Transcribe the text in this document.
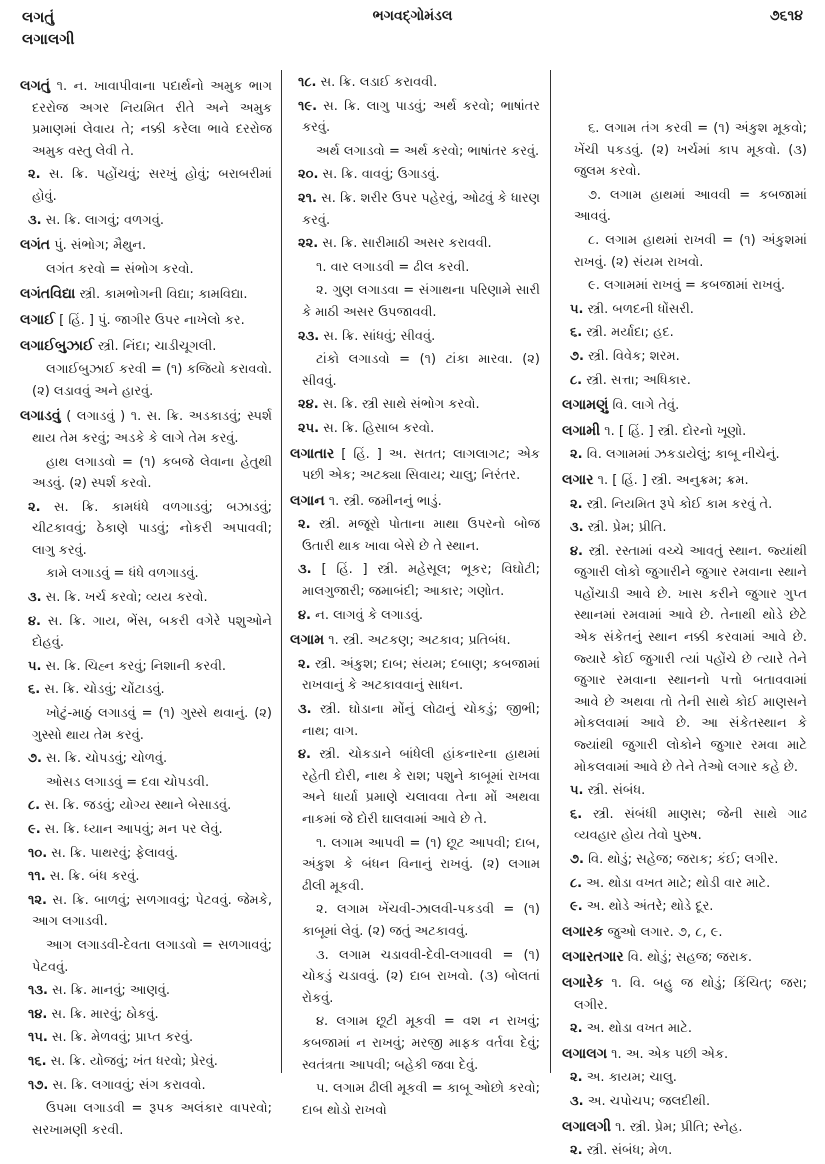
લગતું
લગાલગી
ભગવદ્ગોમંડલ	૭૬૧૪
લગતું ૧. ન. ખાવાપીવાના પદાર્થનો અમુક ભાગ દરરોજ અગર નિયમિત રીતે અને અમુક પ્રમાણમાં લેવાય તે; નક્કી કરેલા ભાવે દરરોજ અમુક વસ્તુ લેવી તે.
૨. સ. ક્રિ. પહોંચવું; સરખું હોવું; બરાબરીમાં હોવું.
૩. સ. ક્રિ. લાગવું; વળગવું.
લગંત પું. સંભોગ; મૈથુન.
લગંત કરવો = સંભોગ કરવો.
લગંતવિદ્યા સ્ત્રી. કામભોગની વિદ્યા; કામવિદ્યા.
લગાઈ [ હિં. ] પું. જાગીર ઉપર નાખેલો કર.
લગાઈબુઝાઈ સ્ત્રી. નિંદા; ચાડીચૂગલી.
લગાઈબુઝાઈ કરવી = (૧) કજિયો કરાવવો. (૨) લડાવવું અને હારવું.
લગાડવું ( લગાડવું ) ૧. સ. ક્રિ. અડકાડવું; સ્પર્શ થાય તેમ કરવું; અડકે કે લાગે તેમ કરવું.
હાથ લગાડવો = (૧) કબજે લેવાના હેતુથી અડવું. (૨) સ્પર્શ કરવો.
૨. સ. ક્રિ. કામધંધે વળગાડવું; બઝાડવું; ચીટકાવવું; ઠેકાણે પાડવું; નોકરી અપાવવી; લાગુ કરવું.
કામે લગાડવું = ધંધે વળગાડવું.
૩. સ. ક્રિ. ખર્ચ કરવો; વ્યય કરવો.
૪. સ. ક્રિ. ગાય, ભેંસ, બકરી વગેરે પશુઓને દોહવું.
૫. સ. ક્રિ. ચિહ્ન કરવું; નિશાની કરવી.
૬. સ. ક્રિ. ચોડવું; ચોંટાડવું.
ખોટું-માઠું લગાડવું = (૧) ગુસ્સે થવાનું. (૨) ગુસ્સો થાય તેમ કરવું.
૭. સ. ક્રિ. ચોપડવું; ચોળવું.
ઓસડ લગાડવું = દવા ચોપડવી.
૮. સ. ક્રિ. જડવું; યોગ્ય સ્થાને બેસાડવું.
૯. સ. ક્રિ. ધ્યાન આપવું; મન પર લેવું.
૧૦. સ. ક્રિ. પાથરવું; ફેલાવવું.
૧૧. સ. ક્રિ. બંધ કરવું.
૧૨. સ. ક્રિ. બાળવું; સળગાવવું; પેટવવું. જેમકે, આગ લગાડવી.
આગ લગાડવી-દેવતા લગાડવો = સળગાવવું; પેટવવું.
૧૩. સ. ક્રિ. માનવું; આણવું.
૧૪. સ. ક્રિ. મારવું; ઠોકવું.
૧૫. સ. ક્રિ. મેળવવું; પ્રાપ્ત કરવું.
૧૬. સ. ક્રિ. યોજવું; ખંત ધરવો; પ્રેરવું.
૧૭. સ. ક્રિ. લગાવવું; સંગ કરાવવો.
ઉપમા લગાડવી = રૂપક અલંકાર વાપરવો; સરખામણી કરવી.
૧૮. સ. ક્રિ. લડાઈ કરાવવી.
૧૯. સ. ક્રિ. લાગુ પાડવું; અર્થ કરવો; ભાષાંતર કરવું.
અર્થ લગાડવો = અર્થ કરવો; ભાષાંતર કરવું.
૨૦. સ. ક્રિ. વાવવું; ઉગાડવું.
૨૧. સ. ક્રિ. શરીર ઉપર પહેરવું, ઓઢવું કે ધારણ કરવું.
૨૨. સ. ક્રિ. સારીમાઠી અસર કરાવવી.
૧. વાર લગાડવી = ઢીલ કરવી.
૨. ગુણ લગાડવા = સંગાથના પરિણામે સારી કે માઠી અસર ઉપજાવવી.
૨૩. સ. ક્રિ. સાંધવું; સીવવું.
ટાંકો લગાડવો = (૧) ટાંકા મારવા. (૨) સીવવું.
૨૪. સ. ક્રિ. સ્ત્રી સાથે સંભોગ કરવો.
૨૫. સ. ક્રિ. હિસાબ કરવો.
લગાતાર [ હિં. ] અ. સતત; લાગલાગટ; એક પછી એક; અટક્યા સિવાય; ચાલુ; નિરંતર.
લગાન ૧. સ્ત્રી. જમીનનું ભાડું.
૨. સ્ત્રી. મજૂરો પોતાના માથા ઉપરનો બોજ ઉતારી થાક ખાવા બેસે છે તે સ્થાન.
૩. [ હિં. ] સ્ત્રી. મહેસૂલ; ભૂકર; વિઘોટી; માલગુજારી; જમાબંદી; આકાર; ગણોત.
૪. ન. લાગવું કે લગાડવું.
લગામ ૧. સ્ત્રી. અટકણ; અટકાવ; પ્રતિબંધ.
૨. સ્ત્રી. અંકુશ; દાબ; સંયમ; દબાણ; કબજામાં રાખવાનું કે અટકાવવાનું સાધન.
૩. સ્ત્રી. ઘોડાના મોંનું લોઢાનું ચોકડું; જીભી; નાથ; વાગ.
૪. સ્ત્રી. ચોકડાને બાંધેલી હાંકનારના હાથમાં રહેતી દોરી, નાથ કે રાશ; પશુને કાબૂમાં રાખવા અને ધાર્યા પ્રમાણે ચલાવવા તેના મોં અથવા નાકમાં જે દોરી ઘાલવામાં આવે છે તે.
૧. લગામ આપવી = (૧) છૂટ આપવી; દાબ, અંકુશ કે બંધન વિનાનું રાખવું. (૨) લગામ ઢીલી મૂકવી.
૨. લગામ ખેંચવી-ઝાલવી-પકડવી = (૧) કાબૂમાં લેવું. (૨) જતું અટકાવવું.
૩. લગામ ચડાવવી-દેવી-લગાવવી = (૧) ચોકડું ચડાવવું. (૨) દાબ રાખવો. (૩) બોલતાં રોકવું.
૪. લગામ છૂટી મૂકવી = વશ ન રાખવું; કબજામાં ન રાખવું; મરજી માફક વર્તવા દેવું; સ્વતંત્રતા આપવી; બહેકી જવા દેવું.
૫. લગામ ઢીલી મૂકવી = કાબૂ ઓછો કરવો; દાબ થોડો રાખવો
૬. લગામ તંગ કરવી = (૧) અંકુશ મૂકવો; ખેંચી પકડવું. (૨) ખર્ચમાં કાપ મૂકવો. (૩) જુલમ કરવો.
૭. લગામ હાથમાં આવવી = કબજામાં આવવું.
૮. લગામ હાથમાં રાખવી = (૧) અંકુશમાં રાખવું. (૨) સંયમ રાખવો.
૯. લગામમાં રાખવું = કબજામાં રાખવું.
૫. સ્ત્રી. બળદની ધોંસરી.
૬. સ્ત્રી. મર્યાદા; હદ.
૭. સ્ત્રી. વિવેક; શરમ.
૮. સ્ત્રી. સત્તા; અધિકાર.
લગામણું વિ. લાગે તેવું.
લગામી ૧. [ હિં. ] સ્ત્રી. દોરનો ખૂણો.
૨. વિ. લગામમાં ઝકડાયેલું; કાબૂ નીચેનું.
લગાર ૧. [ હિં. ] સ્ત્રી. અનુક્રમ; ક્રમ.
૨. સ્ત્રી. નિયમિત રૂપે કોઈ કામ કરવું તે.
૩. સ્ત્રી. પ્રેમ; પ્રીતિ.
૪. સ્ત્રી. રસ્તામાં વચ્ચે આવતું સ્થાન. જ્યાંથી જુગારી લોકો જુગારીને જુગાર રમવાના સ્થાને પહોંચાડી આવે છે. ખાસ કરીને જુગાર ગુપ્ત સ્થાનમાં રમવામાં આવે છે. તેનાથી થોડે છેટે એક સંકેતનું સ્થાન નક્કી કરવામાં આવે છે. જ્યારે કોઈ જુગારી ત્યાં પહોંચે છે ત્યારે તેને જુગાર રમવાના સ્થાનનો પત્તો બતાવવામાં આવે છે અથવા તો તેની સાથે કોઈ માણસને મોકલવામાં આવે છે. આ સંકેતસ્થાન કે જ્યાંથી જુગારી લોકોને જુગાર રમવા માટે મોકલવામાં આવે છે તેને તેઓ લગાર કહે છે.
૫. સ્ત્રી. સંબંધ.
૬. સ્ત્રી. સંબંધી માણસ; જેની સાથે ગાઢ વ્યવહાર હોય તેવો પુરુષ.
૭. વિ. થોડું; સહેજ; જરાક; કંઈ; લગીર.
૮. અ. થોડા વખત માટે; થોડી વાર માટે.
૯. અ. થોડે અંતરે; થોડે દૂર.
લગારક જુઓ લગાર. ૭, ૮, ૯.
લગારતગાર વિ. થોડું; સહજ; જરાક.
લગારેક ૧. વિ. બહુ જ થોડું; કિંચિત્; જરા; લગીર.
૨. અ. થોડા વખત માટે.
લગાલગ ૧. અ. એક પછી એક.
૨. અ. કાયમ; ચાલુ.
૩. અ. ચપોચપ; જલદીથી.
લગાલગી ૧. સ્ત્રી. પ્રેમ; પ્રીતિ; સ્નેહ.
૨. સ્ત્રી. સંબંધ; મેળ.
